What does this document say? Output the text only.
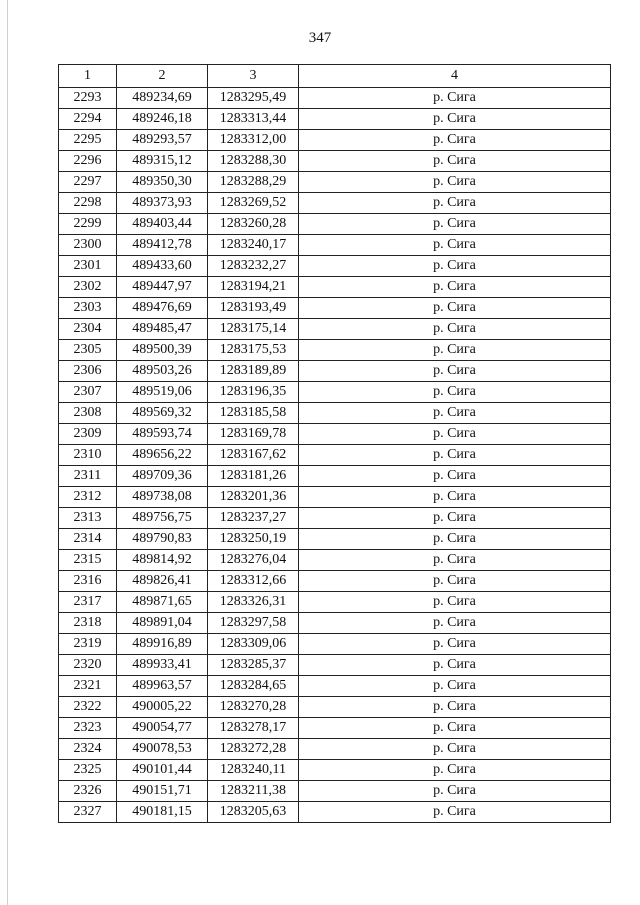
347
1	2	3	4
2293	489234,69	1283295,49	р. Сига
2294	489246,18	1283313,44	р. Сига
2295	489293,57	1283312,00	р. Сига
2296	489315,12	1283288,30	р. Сига
2297	489350,30	1283288,29	р. Сига
2298	489373,93	1283269,52	р. Сига
2299	489403,44	1283260,28	р. Сига
2300	489412,78	1283240,17	р. Сига
2301	489433,60	1283232,27	р. Сига
2302	489447,97	1283194,21	р. Сига
2303	489476,69	1283193,49	р. Сига
2304	489485,47	1283175,14	р. Сига
2305	489500,39	1283175,53	р. Сига
2306	489503,26	1283189,89	р. Сига
2307	489519,06	1283196,35	р. Сига
2308	489569,32	1283185,58	р. Сига
2309	489593,74	1283169,78	р. Сига
2310	489656,22	1283167,62	р. Сига
2311	489709,36	1283181,26	р. Сига
2312	489738,08	1283201,36	р. Сига
2313	489756,75	1283237,27	р. Сига
2314	489790,83	1283250,19	р. Сига
2315	489814,92	1283276,04	р. Сига
2316	489826,41	1283312,66	р. Сига
2317	489871,65	1283326,31	р. Сига
2318	489891,04	1283297,58	р. Сига
2319	489916,89	1283309,06	р. Сига
2320	489933,41	1283285,37	р. Сига
2321	489963,57	1283284,65	р. Сига
2322	490005,22	1283270,28	р. Сига
2323	490054,77	1283278,17	р. Сига
2324	490078,53	1283272,28	р. Сига
2325	490101,44	1283240,11	р. Сига
2326	490151,71	1283211,38	р. Сига
2327	490181,15	1283205,63	р. Сига
